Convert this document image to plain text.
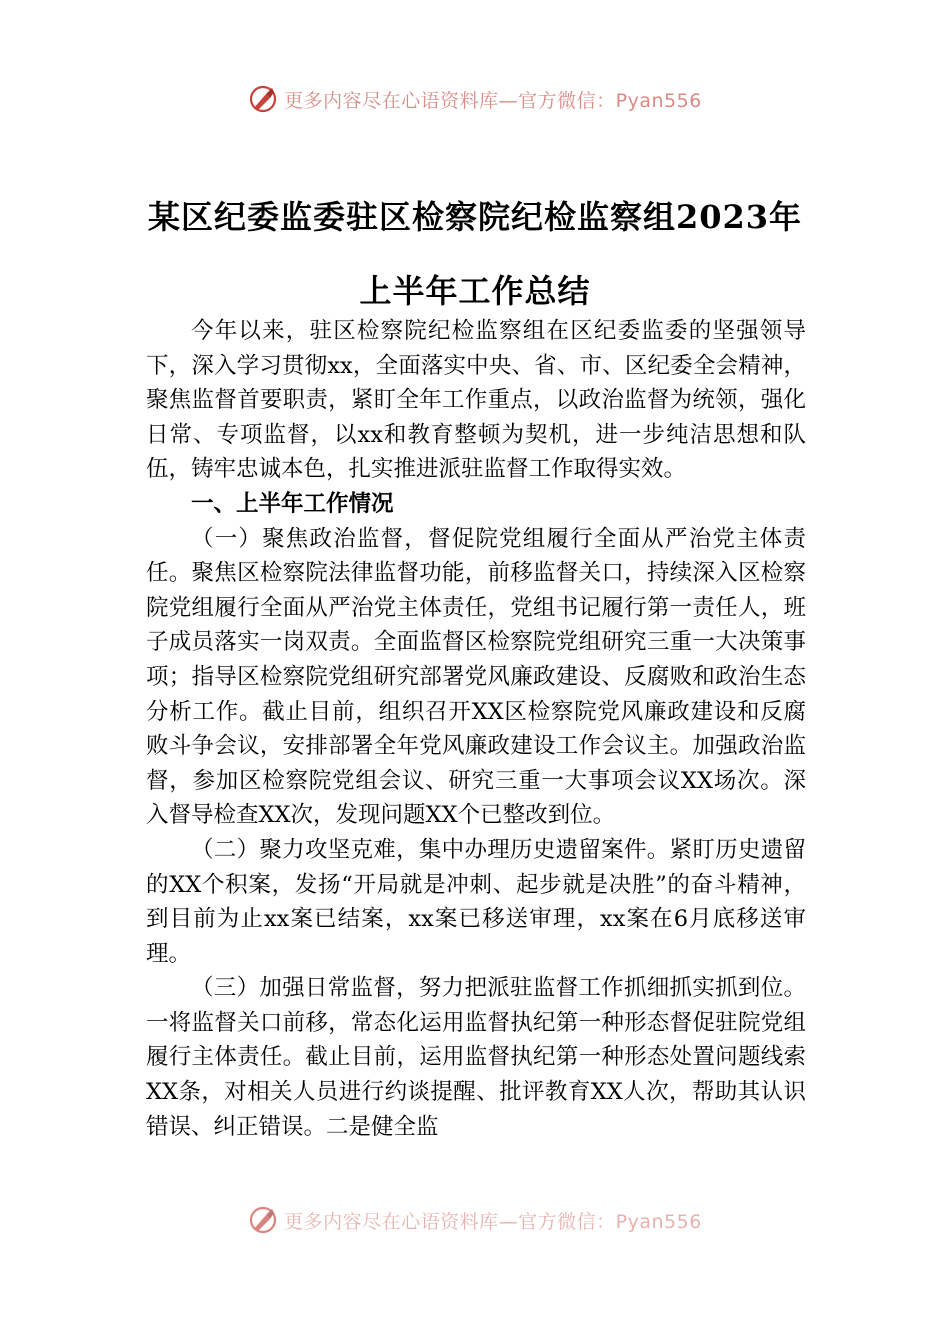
更多内容尽在心语资料库—官方微信：Pyan556
某区纪委监委驻区检察院纪检监察组2023年上半年工作总结

今年以来，驻区检察院纪检监察组在区纪委监委的坚强领导下，深入学习贯彻xx，全面落实中央、省、市、区纪委全会精神，聚焦监督首要职责，紧盯全年工作重点，以政治监督为统领，强化日常、专项监督，以xx和教育整顿为契机，进一步纯洁思想和队伍，铸牢忠诚本色，扎实推进派驻监督工作取得实效。

一、上半年工作情况

（一）聚焦政治监督，督促院党组履行全面从严治党主体责任。聚焦区检察院法律监督功能，前移监督关口，持续深入区检察院党组履行全面从严治党主体责任，党组书记履行第一责任人，班子成员落实一岗双责。全面监督区检察院党组研究三重一大决策事项；指导区检察院党组研究部署党风廉政建设、反腐败和政治生态分析工作。截止目前，组织召开XX区检察院党风廉政建设和反腐败斗争会议，安排部署全年党风廉政建设工作会议主。加强政治监督，参加区检察院党组会议、研究三重一大事项会议XX场次。深入督导检查XX次，发现问题XX个已整改到位。

（二）聚力攻坚克难，集中办理历史遗留案件。紧盯历史遗留的XX个积案，发扬“开局就是冲刺、起步就是决胜”的奋斗精神，到目前为止xx案已结案，xx案已移送审理，xx案在6月底移送审理。

（三）加强日常监督，努力把派驻监督工作抓细抓实抓到位。一将监督关口前移，常态化运用监督执纪第一种形态督促驻院党组履行主体责任。截止目前，运用监督执纪第一种形态处置问题线索XX条，对相关人员进行约谈提醒、批评教育XX人次，帮助其认识错误、纠正错误。二是健全监

更多内容尽在心语资料库—官方微信：Pyan556
